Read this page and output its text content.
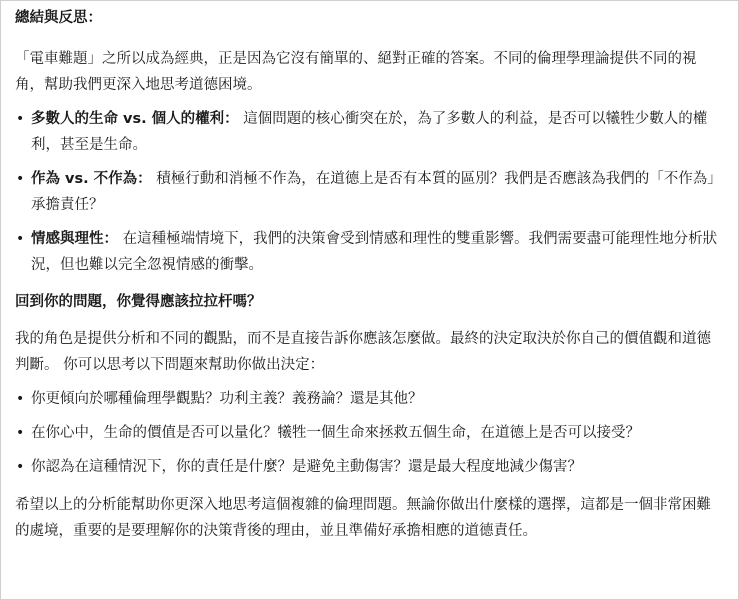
總結與反思：

「電車難題」之所以成為經典，正是因為它沒有簡單的、絕對正確的答案。不同的倫理學理論提供不同的視角，幫助我們更深入地思考道德困境。

• 多數人的生命 vs. 個人的權利： 這個問題的核心衝突在於，為了多數人的利益，是否可以犧牲少數人的權利，甚至是生命。
• 作為 vs. 不作為： 積極行動和消極不作為，在道德上是否有本質的區別？我們是否應該為我們的「不作為」承擔責任？
• 情感與理性： 在這種極端情境下，我們的決策會受到情感和理性的雙重影響。我們需要盡可能理性地分析狀況，但也難以完全忽視情感的衝擊。
回到你的問題，你覺得應該拉拉杆嗎？

我的角色是提供分析和不同的觀點，而不是直接告訴你應該怎麼做。最終的決定取決於你自己的價值觀和道德判斷。 你可以思考以下問題來幫助你做出決定：

• 你更傾向於哪種倫理學觀點？功利主義？義務論？還是其他？
• 在你心中，生命的價值是否可以量化？犧牲一個生命來拯救五個生命，在道德上是否可以接受？
• 你認為在這種情況下，你的責任是什麼？是避免主動傷害？還是最大程度地減少傷害？

希望以上的分析能幫助你更深入地思考這個複雜的倫理問題。無論你做出什麼樣的選擇，這都是一個非常困難的處境，重要的是要理解你的決策背後的理由，並且準備好承擔相應的道德責任。
